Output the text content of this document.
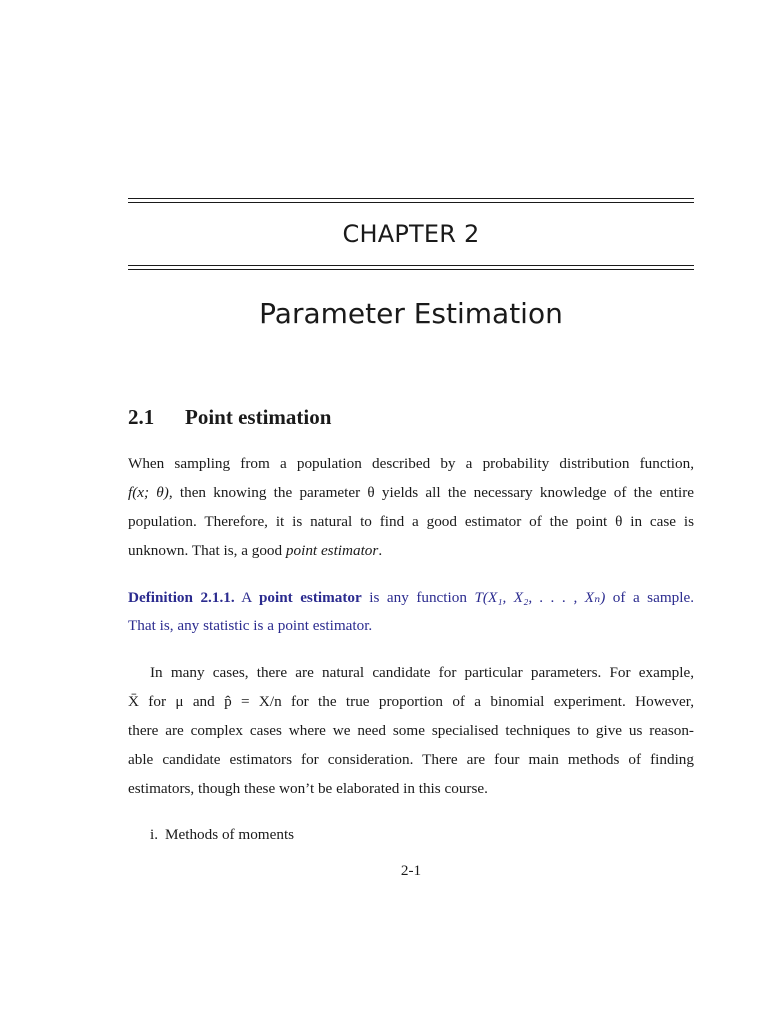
CHAPTER 2
Parameter Estimation
2.1 Point estimation
When sampling from a population described by a probability distribution function,
f(x; θ), then knowing the parameter θ yields all the necessary knowledge of the entire
population. Therefore, it is natural to find a good estimator of the point θ in case is
unknown. That is, a good point estimator.
Definition 2.1.1. A point estimator is any function T(X₁, X₂, . . . , Xₙ) of a sample.
That is, any statistic is a point estimator.
In many cases, there are natural candidate for particular parameters. For example,
X̄ for μ and p̂ = X/n for the true proportion of a binomial experiment. However,
there are complex cases where we need some specialised techniques to give us reason-
able candidate estimators for consideration. There are four main methods of finding
estimators, though these won’t be elaborated in this course.
i. Methods of moments
2-1
